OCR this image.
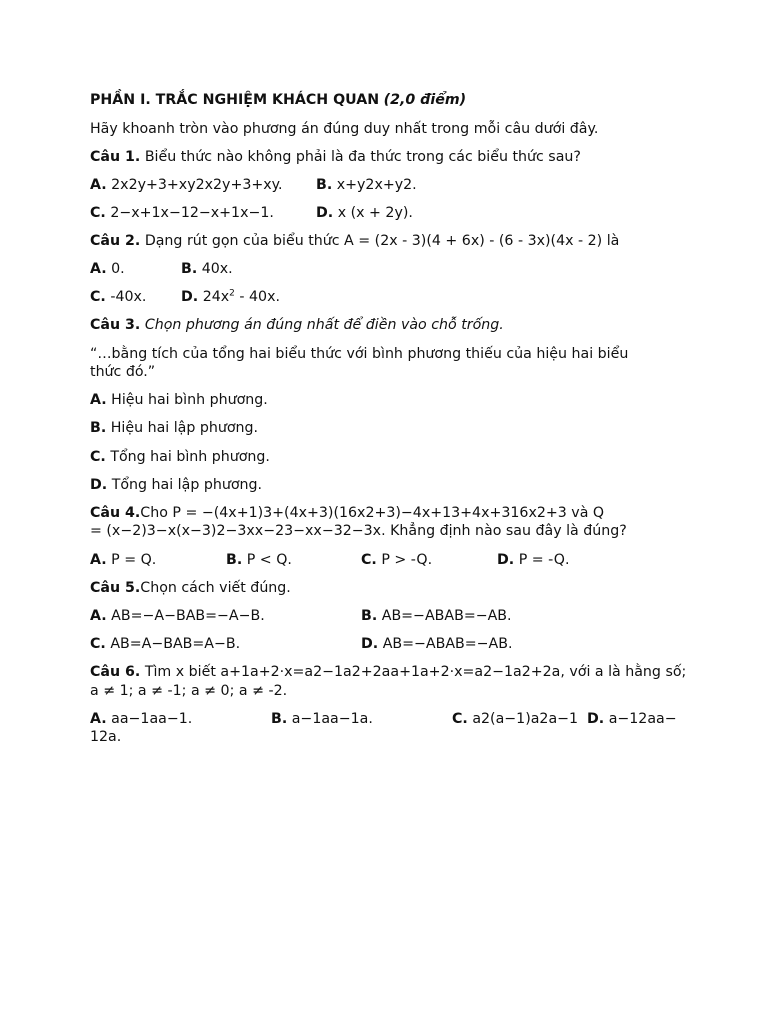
PHẦN I. TRẮC NGHIỆM KHÁCH QUAN (2,0 điểm)
Hãy khoanh tròn vào phương án đúng duy nhất trong mỗi câu dưới đây.
Câu 1. Biểu thức nào không phải là đa thức trong các biểu thức sau?
A. 2x2y+3+xy2x2y+3+xy. B. x+y2x+y2.
C. 2−x+1x−12−x+1x−1.	D. x (x + 2y).
Câu 2. Dạng rút gọn của biểu thức A = (2x - 3)(4 + 6x) - (6 - 3x)(4x - 2) là
A. 0.	B. 40x.
C. -40x. D. $24x^2 - 40x$.
Câu 3. Chọn phương án đúng nhất để điền vào chỗ trống.
“…bằng tích của tổng hai biểu thức với bình phương thiếu của hiệu hai biểu thức đó.”
A. Hiệu hai bình phương.
B. Hiệu hai lập phương.
C. Tổng hai bình phương.
D. Tổng hai lập phương.
Câu 4.Cho P = −(4x+1)3+(4x+3)(16x2+3)−4x+13+4x+316x2+3 và Q
= (x−2)3−x(x−3)2−3xx−23−xx−32−3x. Khẳng định nào sau đây là đúng?
A. P = Q.	B. P < Q.	C. P > -Q.	D. P = -Q.
Câu 5.Chọn cách viết đúng.
A. AB=−A−BAB=−A−B.	B. AB=−ABAB=−AB.
C. AB=A−BAB=A−B.	D. AB=−ABAB=−AB.
Câu 6. Tìm x biết a+1a+2·x=a2−1a2+2aa+1a+2·x=a2−1a2+2a, với a là hằng số;
a ≠ 1; a ≠ -1; a ≠ 0; a ≠ -2.
A. aa−1aa−1.	B. a−1aa−1a.	C. a2(a−1)a2a−1 D. a−12aa−
12a.
